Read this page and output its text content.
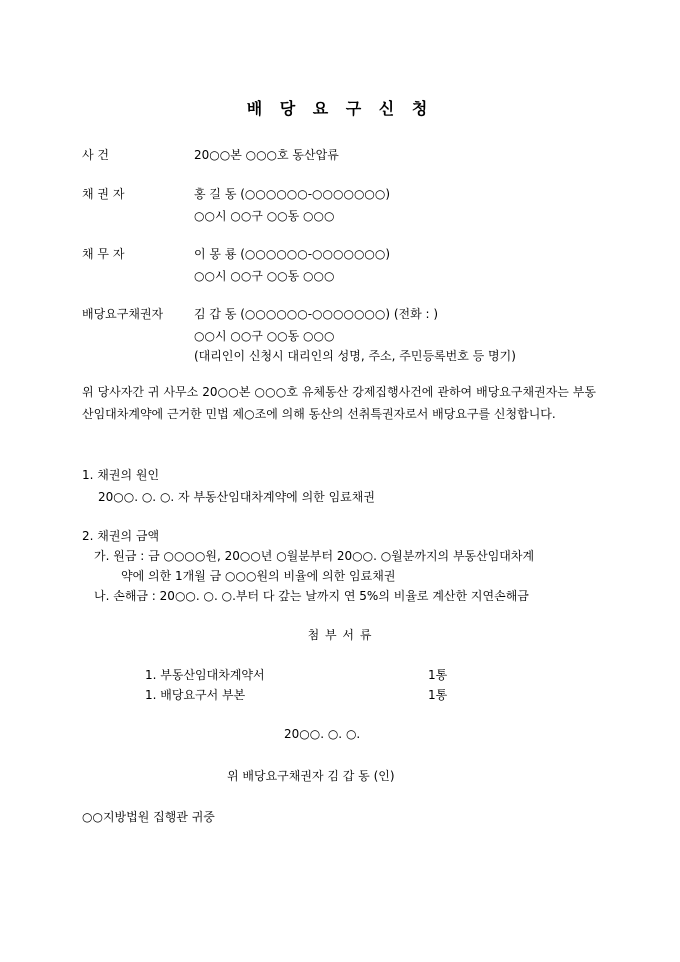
배 당 요 구 신 청
사 건	20○○본 ○○○호 동산압류
채 권 자	홍 길 동 (○○○○○○-○○○○○○○)
○○시 ○○구 ○○동 ○○○
채 무 자	이 몽 룡 (○○○○○○-○○○○○○○)
○○시 ○○구 ○○동 ○○○
배당요구채권자	김 갑 동 (○○○○○○-○○○○○○○) (전화 : )
○○시 ○○구 ○○동 ○○○
(대리인이 신청시 대리인의 성명, 주소, 주민등록번호 등 명기)
위 당사자간 귀 사무소 20○○본 ○○○호 유체동산 강제집행사건에 관하여 배당요구채권자는 부동산임대차계약에 근거한 민법 제○조에 의해 동산의 선취특권자로서 배당요구를 신청합니다.
1. 채권의 원인
20○○. ○. ○. 자 부동산임대차계약에 의한 임료채권
2. 채권의 금액
가. 원금 : 금 ○○○○원, 20○○년 ○월분부터 20○○. ○월분까지의 부동산임대차계
약에 의한 1개월 금 ○○○원의 비율에 의한 임료채권
나. 손해금 : 20○○. ○. ○.부터 다 갚는 날까지 연 5%의 비율로 계산한 지연손해금
첨 부 서 류
1. 부동산임대차계약서	1통
1. 배당요구서 부본	1통
20○○. ○. ○.
위 배당요구채권자 김 갑 동 (인)
○○지방법원 집행관 귀중
